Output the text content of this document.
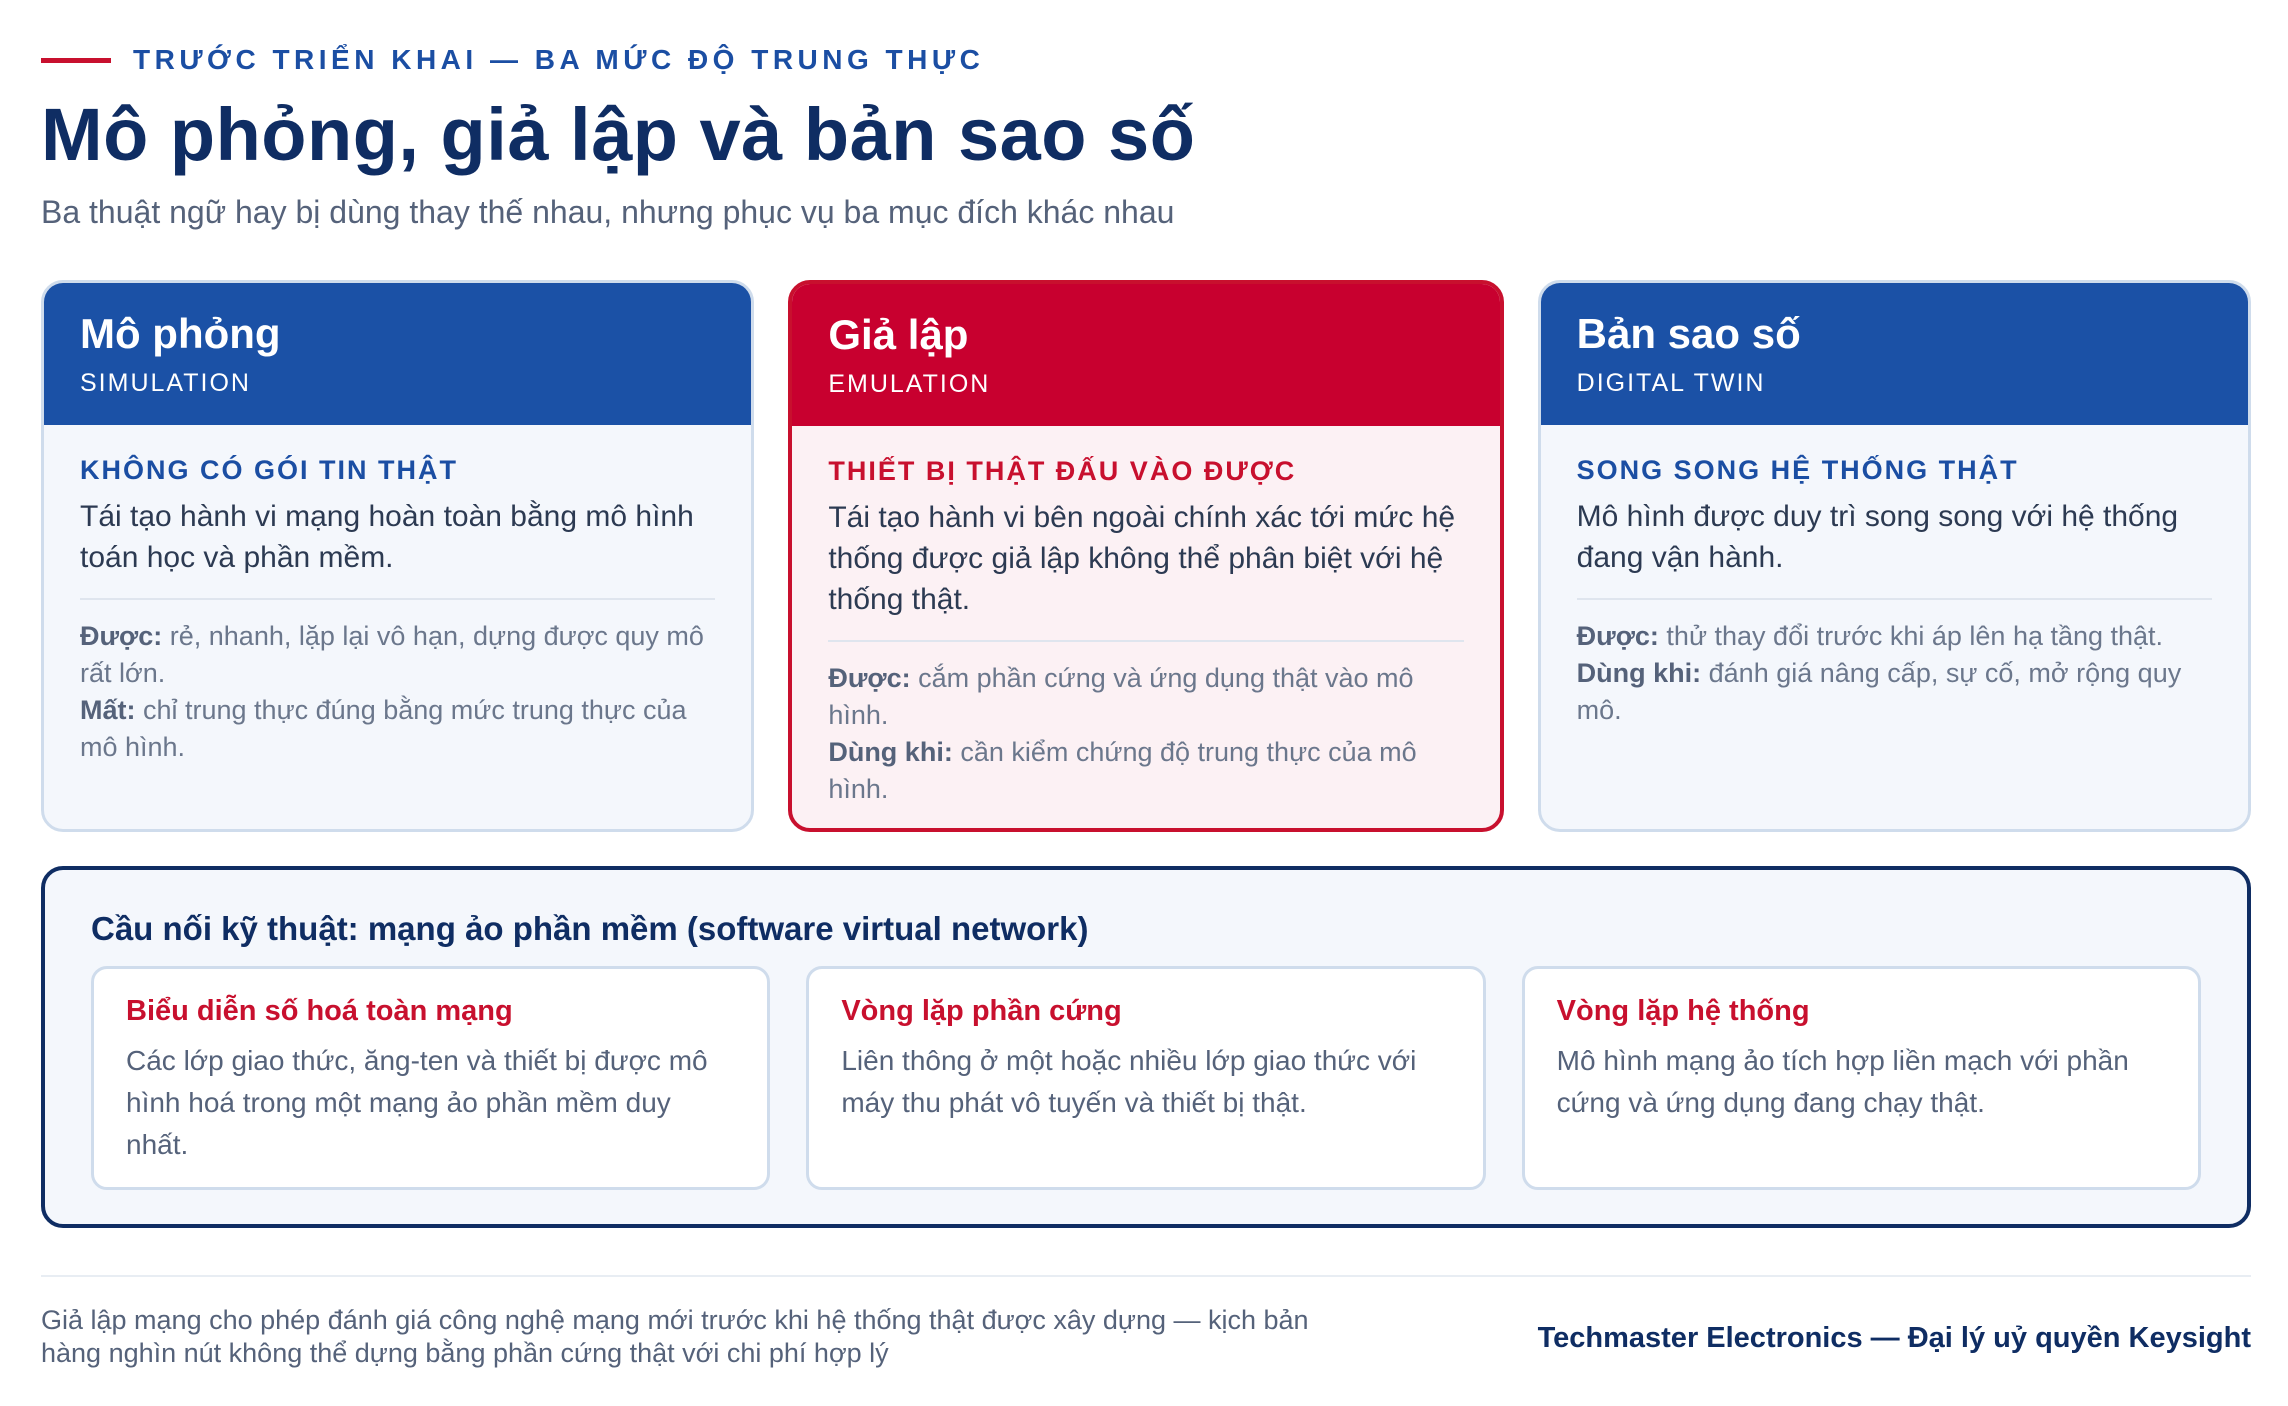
TRƯỚC TRIỂN KHAI — BA MỨC ĐỘ TRUNG THỰC
Mô phỏng, giả lập và bản sao số
Ba thuật ngữ hay bị dùng thay thế nhau, nhưng phục vụ ba mục đích khác nhau
Mô phỏng
SIMULATION
KHÔNG CÓ GÓI TIN THẬT
Tái tạo hành vi mạng hoàn toàn bằng mô hình toán học và phần mềm.
Được: rẻ, nhanh, lặp lại vô hạn, dựng được quy mô rất lớn.
Mất: chỉ trung thực đúng bằng mức trung thực của mô hình.
Giả lập
EMULATION
THIẾT BỊ THẬT ĐẤU VÀO ĐƯỢC
Tái tạo hành vi bên ngoài chính xác tới mức hệ thống được giả lập không thể phân biệt với hệ thống thật.
Được: cắm phần cứng và ứng dụng thật vào mô hình.
Dùng khi: cần kiểm chứng độ trung thực của mô hình.
Bản sao số
DIGITAL TWIN
SONG SONG HỆ THỐNG THẬT
Mô hình được duy trì song song với hệ thống đang vận hành.
Được: thử thay đổi trước khi áp lên hạ tầng thật.
Dùng khi: đánh giá nâng cấp, sự cố, mở rộng quy mô.
Cầu nối kỹ thuật: mạng ảo phần mềm (software virtual network)
Biểu diễn số hoá toàn mạng
Các lớp giao thức, ăng-ten và thiết bị được mô hình hoá trong một mạng ảo phần mềm duy nhất.
Vòng lặp phần cứng
Liên thông ở một hoặc nhiều lớp giao thức với máy thu phát vô tuyến và thiết bị thật.
Vòng lặp hệ thống
Mô hình mạng ảo tích hợp liền mạch với phần cứng và ứng dụng đang chạy thật.
Giả lập mạng cho phép đánh giá công nghệ mạng mới trước khi hệ thống thật được xây dựng — kịch bản hàng nghìn nút không thể dựng bằng phần cứng thật với chi phí hợp lý	Techmaster Electronics — Đại lý uỷ quyền Keysight
